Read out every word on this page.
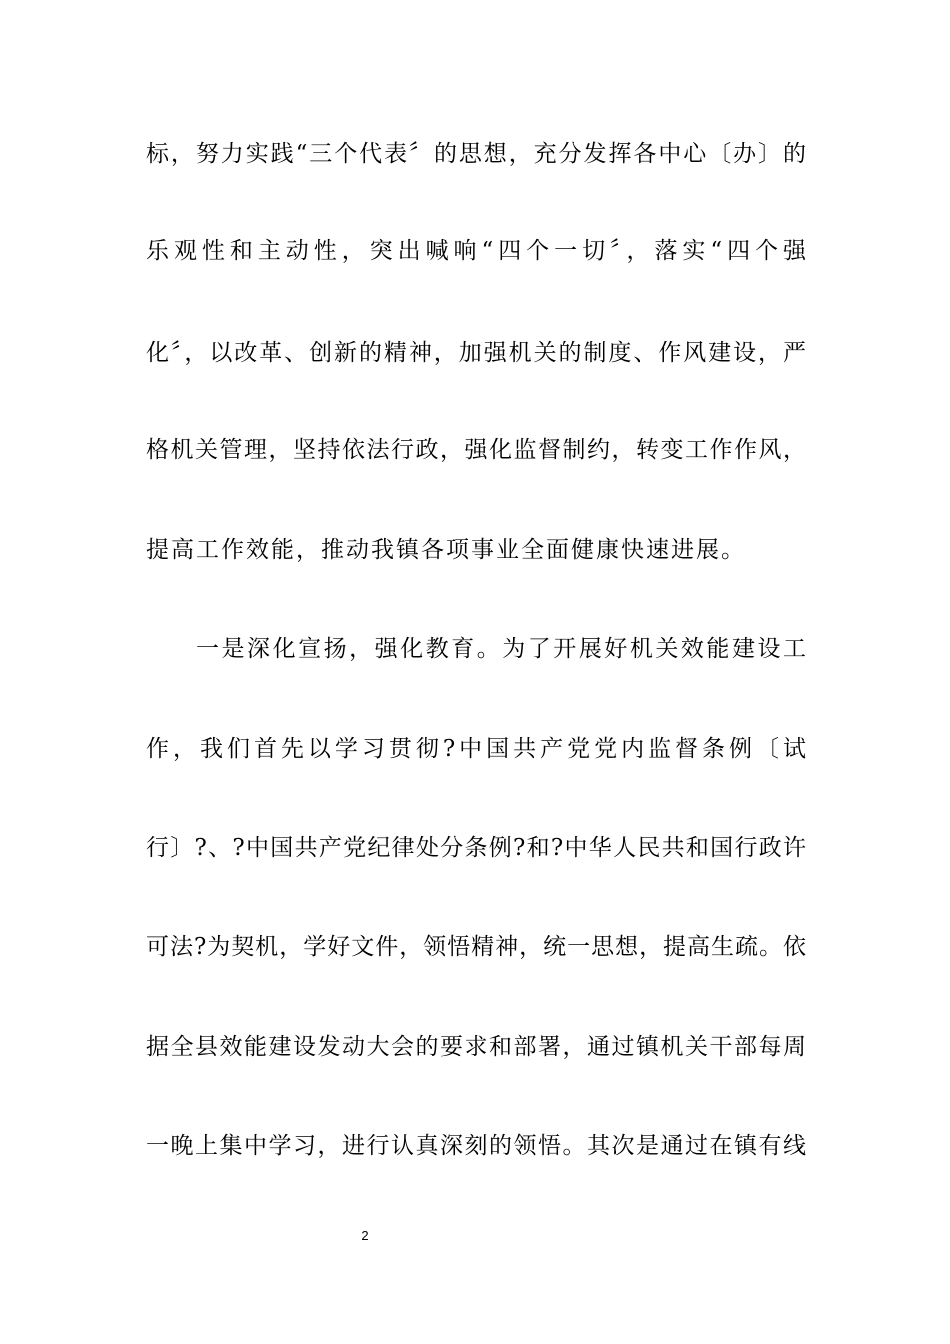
标，努力实践“三个代表〞的思想，充分发挥各中心〔办〕的
乐观性和主动性，突出喊响“四个一切〞，落实“四个强
化〞，以改革、创新的精神，加强机关的制度、作风建设，严
格机关管理，坚持依法行政，强化监督制约，转变工作作风，
提高工作效能，推动我镇各项事业全面健康快速进展。
一是深化宣扬，强化教育。为了开展好机关效能建设工
作，我们首先以学习贯彻?中国共产党党内监督条例〔试
行〕?、?中国共产党纪律处分条例?和?中华人民共和国行政许
可法?为契机，学好文件，领悟精神，统一思想，提高生疏。依
据全县效能建设发动大会的要求和部署，通过镇机关干部每周
一晚上集中学习，进行认真深刻的领悟。其次是通过在镇有线
2
